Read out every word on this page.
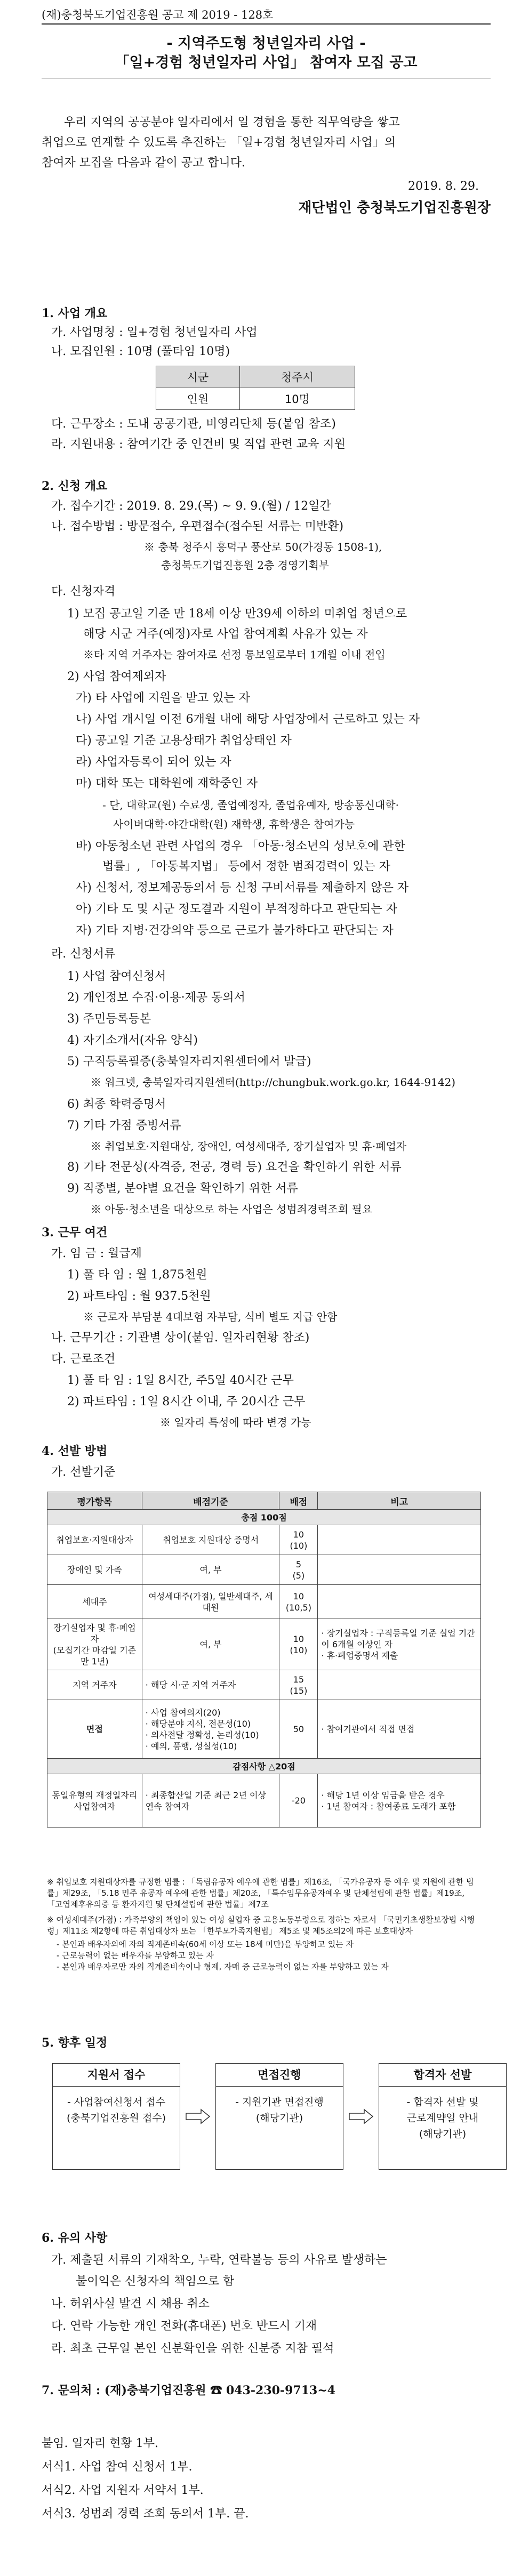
(재)충청북도기업진흥원 공고 제 2019 - 128호
- 지역주도형 청년일자리 사업 -
「일+경험 청년일자리 사업」 참여자 모집 공고
우리 지역의 공공분야 일자리에서 일 경험을 통한 직무역량을 쌓고
취업으로 연계할 수 있도록 추진하는 「일+경험 청년일자리 사업」의
참여자 모집을 다음과 같이 공고 합니다.
2019. 8. 29.
재단법인 충청북도기업진흥원장
1. 사업 개요
가. 사업명칭 : 일+경험 청년일자리 사업
나. 모집인원 : 10명 (풀타임 10명)
시군	청주시
인원	10명
다. 근무장소 : 도내 공공기관, 비영리단체 등(붙임 참조)
라. 지원내용 : 참여기간 중 인건비 및 직업 관련 교육 지원
2. 신청 개요
가. 접수기간 : 2019. 8. 29.(목) ~ 9. 9.(월) / 12일간
나. 접수방법 : 방문접수, 우편접수(접수된 서류는 미반환)
※ 충북 청주시 흥덕구 풍산로 50(가경동 1508-1),
충청북도기업진흥원 2층 경영기획부
다. 신청자격
1) 모집 공고일 기준 만 18세 이상 만39세 이하의 미취업 청년으로
해당 시군 거주(예정)자로 사업 참여계획 사유가 있는 자
※타 지역 거주자는 참여자로 선정 통보일로부터 1개월 이내 전입
2) 사업 참여제외자
가) 타 사업에 지원을 받고 있는 자
나) 사업 개시일 이전 6개월 내에 해당 사업장에서 근로하고 있는 자
다) 공고일 기준 고용상태가 취업상태인 자
라) 사업자등록이 되어 있는 자
마) 대학 또는 대학원에 재학중인 자
- 단, 대학교(원) 수료생, 졸업예정자, 졸업유예자, 방송통신대학·
사이버대학·야간대학(원) 재학생, 휴학생은 참여가능
바) 아동청소년 관련 사업의 경우 「아동·청소년의 성보호에 관한
법률」, 「아동복지법」 등에서 정한 범죄경력이 있는 자
사) 신청서, 정보제공동의서 등 신청 구비서류를 제출하지 않은 자
아) 기타 도 및 시군 정도결과 지원이 부적정하다고 판단되는 자
자) 기타 지병·건강의약 등으로 근로가 불가하다고 판단되는 자
라. 신청서류
1) 사업 참여신청서
2) 개인정보 수집·이용·제공 동의서
3) 주민등록등본
4) 자기소개서(자유 양식)
5) 구직등록필증(충북일자리지원센터에서 발급)
※ 워크넷, 충북일자리지원센터(http://chungbuk.work.go.kr, 1644-9142)
6) 최종 학력증명서
7) 기타 가점 증빙서류
※ 취업보호·지원대상, 장애인, 여성세대주, 장기실업자 및 휴·폐업자
8) 기타 전문성(자격증, 전공, 경력 등) 요건을 확인하기 위한 서류
9) 직종별, 분야별 요건을 확인하기 위한 서류
※ 아동·청소년을 대상으로 하는 사업은 성범죄경력조회 필요
3. 근무 여건
가. 임 금 : 월급제
1) 풀 타 임 : 월 1,875천원
2) 파트타임 : 월 937.5천원
※ 근로자 부담분 4대보험 자부담, 식비 별도 지급 안함
나. 근무기간 : 기관별 상이(붙임. 일자리현황 참조)
다. 근로조건
1) 풀 타 임 : 1일 8시간, 주5일 40시간 근무
2) 파트타임 : 1일 8시간 이내, 주 20시간 근무
※ 일자리 특성에 따라 변경 가능
4. 선발 방법
가. 선발기준
평가항목	배점기준	배점	비고
총점 100점			
취업보호·지원대상자	취업보호 지원대상 증명서	10
(10)	
장애인 및 가족	여, 부	5
(5)	
세대주	여성세대주(가점), 일반세대주, 세대원	10
(10,5)	
장기실업자 및 휴·폐업자
(모집기간 마감일 기준 만 1년)	여, 부	10
(10)	· 장기실업자 : 구직등록일 기준 실업 기간이 6개월 이상인 자
· 휴·폐업증명서 제출
지역 거주자	· 해당 시·군 지역 거주자	15
(15)	
면접	· 사업 참여의지(20)
· 해당분야 지식, 전문성(10)
· 의사전달 정확성, 논리성(10)
· 예의, 품행, 성실성(10)	50	· 참여기관에서 직접 면접
감점사항 △20점			
동일유형의 재정일자리
사업참여자	· 최종합산일 기준 최근 2년 이상 연속 참여자	-20	· 해당 1년 이상 임금을 받은 경우
· 1년 참여자 : 참여종료 도래가 포함
※ 취업보호 지원대상자를 규정한 법률 : 「독립유공자 예우에 관한 법률」제16조, 「국가유공자 등 예우 및 지원에 관한 법률」제29조, 「5.18 민주 유공자 예우에 관한 법률」제20조, 「특수임무유공자예우 및 단체설립에 관한 법률」제19조, 「고엽제후유의증 등 환자지원 및 단체설립에 관한 법률」제7조
※ 여성세대주(가점) : 가족부양의 책임이 있는 여성 실업자 중 고용노동부령으로 정하는 자로서 「국민기초생활보장법 시행령」제11조 제2항에 따른 취업대상자 또는 「한부모가족지원법」 제5조 및 제5조의2에 따른 보호대상자
- 본인과 배우자외에 자의 직계존비속(60세 이상 또는 18세 미만)을 부양하고 있는 자
- 근로능력이 없는 배우자를 부양하고 있는 자
- 본인과 배우자로만 자의 직계존비속이나 형제, 자매 중 근로능력이 없는 자를 부양하고 있는 자
5. 향후 일정
지원서 접수
- 사업참여신청서 접수
(충북기업진흥원 접수)
면접진행
- 지원기관 면접진행
(해당기관)
합격자 선발
- 합격자 선발 및
근로계약일 안내
(해당기관)
6. 유의 사항
가. 제출된 서류의 기재착오, 누락, 연락불능 등의 사유로 발생하는
불이익은 신청자의 책임으로 함
나. 허위사실 발견 시 채용 취소
다. 연락 가능한 개인 전화(휴대폰) 번호 반드시 기재
라. 최초 근무일 본인 신분확인을 위한 신분증 지참 필석
7. 문의처 : (재)충북기업진흥원 ☎ 043-230-9713~4
붙임. 일자리 현황 1부.
서식1. 사업 참여 신청서 1부.
서식2. 사업 지원자 서약서 1부.
서식3. 성범죄 경력 조회 동의서 1부. 끝.
